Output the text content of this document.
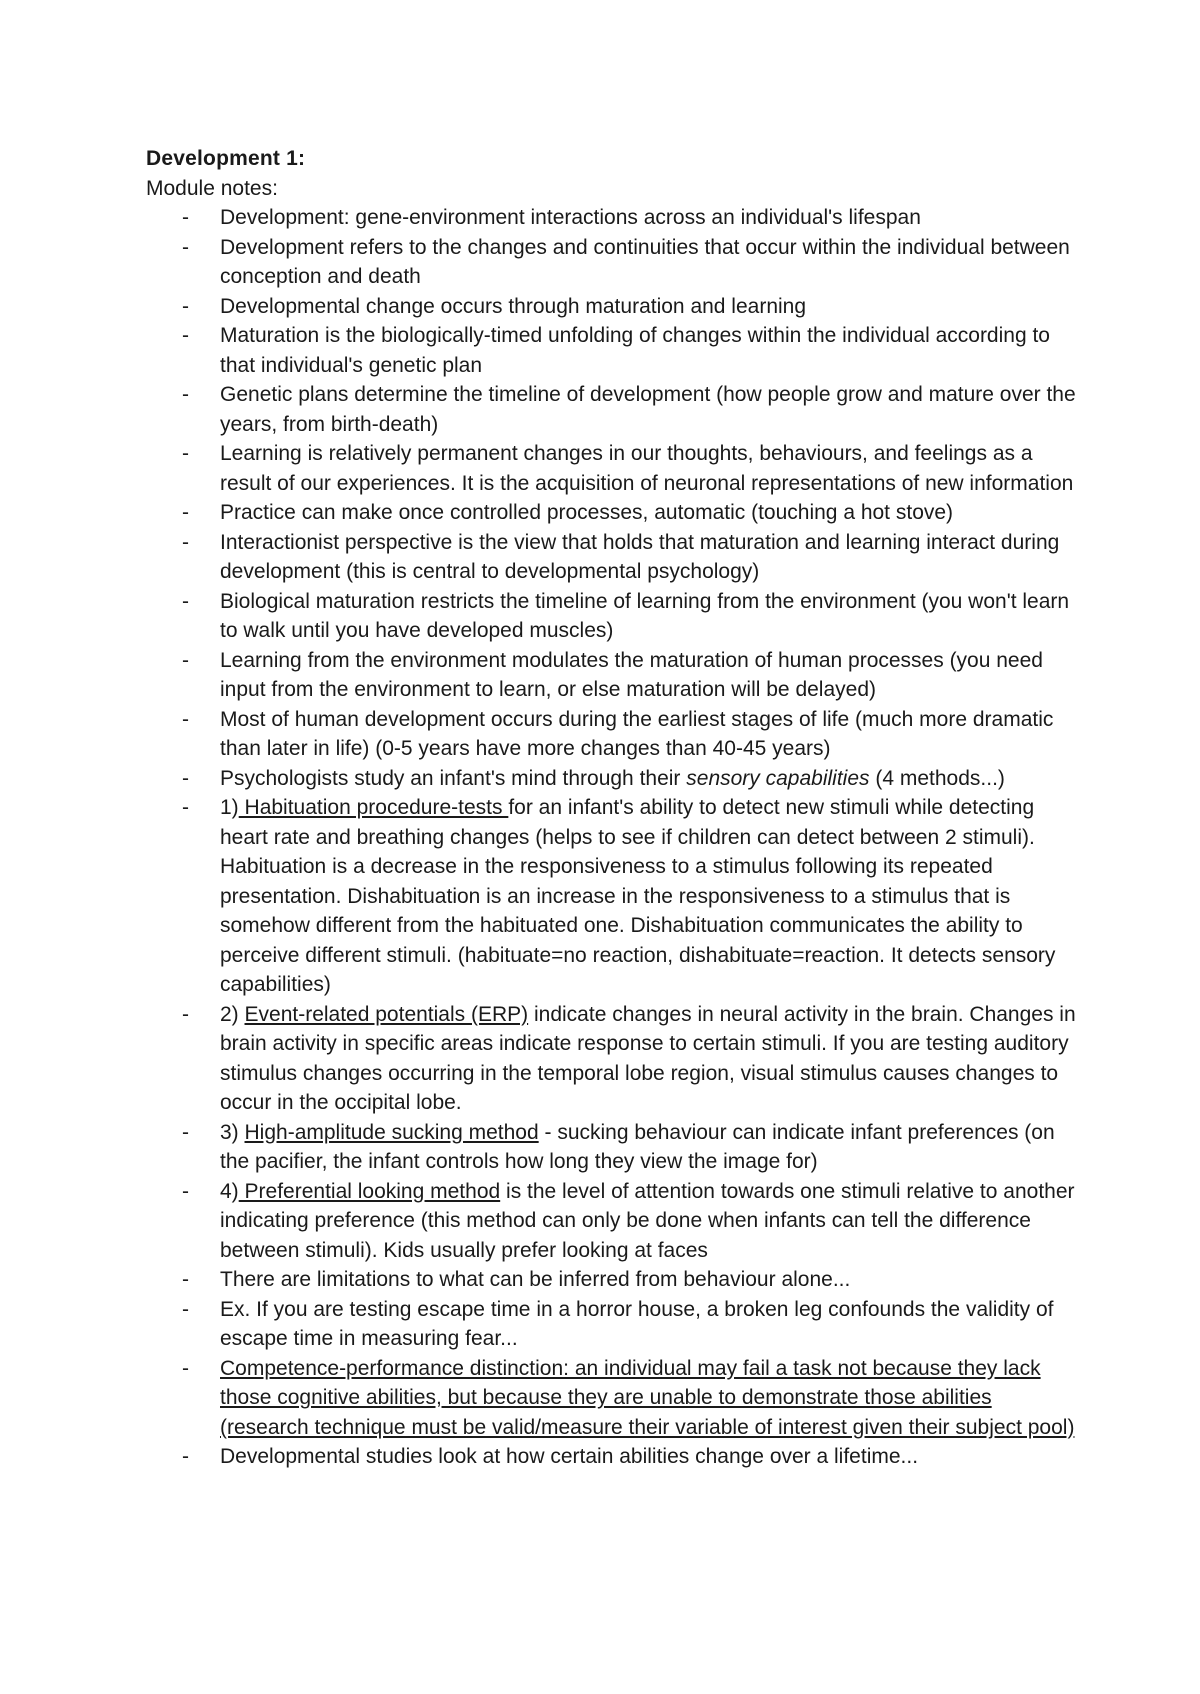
Development 1:
Module notes:
- Development: gene-environment interactions across an individual's lifespan
- Development refers to the changes and continuities that occur within the individual between conception and death
- Developmental change occurs through maturation and learning
- Maturation is the biologically-timed unfolding of changes within the individual according to that individual's genetic plan
- Genetic plans determine the timeline of development (how people grow and mature over the years, from birth-death)
- Learning is relatively permanent changes in our thoughts, behaviours, and feelings as a result of our experiences. It is the acquisition of neuronal representations of new information
- Practice can make once controlled processes, automatic (touching a hot stove)
- Interactionist perspective is the view that holds that maturation and learning interact during development (this is central to developmental psychology)
- Biological maturation restricts the timeline of learning from the environment (you won't learn to walk until you have developed muscles)
- Learning from the environment modulates the maturation of human processes (you need input from the environment to learn, or else maturation will be delayed)
- Most of human development occurs during the earliest stages of life (much more dramatic than later in life) (0-5 years have more changes than 40-45 years)
- Psychologists study an infant's mind through their sensory capabilities (4 methods...)
- 1) Habituation procedure-tests for an infant's ability to detect new stimuli while detecting heart rate and breathing changes (helps to see if children can detect between 2 stimuli). Habituation is a decrease in the responsiveness to a stimulus following its repeated presentation. Dishabituation is an increase in the responsiveness to a stimulus that is somehow different from the habituated one. Dishabituation communicates the ability to perceive different stimuli. (habituate=no reaction, dishabituate=reaction. It detects sensory capabilities)
- 2) Event-related potentials (ERP) indicate changes in neural activity in the brain. Changes in brain activity in specific areas indicate response to certain stimuli. If you are testing auditory stimulus changes occurring in the temporal lobe region, visual stimulus causes changes to occur in the occipital lobe.
- 3) High-amplitude sucking method - sucking behaviour can indicate infant preferences (on the pacifier, the infant controls how long they view the image for)
- 4) Preferential looking method is the level of attention towards one stimuli relative to another indicating preference (this method can only be done when infants can tell the difference between stimuli). Kids usually prefer looking at faces
- There are limitations to what can be inferred from behaviour alone...
- Ex. If you are testing escape time in a horror house, a broken leg confounds the validity of escape time in measuring fear...
- Competence-performance distinction: an individual may fail a task not because they lack those cognitive abilities, but because they are unable to demonstrate those abilities (research technique must be valid/measure their variable of interest given their subject pool)
- Developmental studies look at how certain abilities change over a lifetime...
